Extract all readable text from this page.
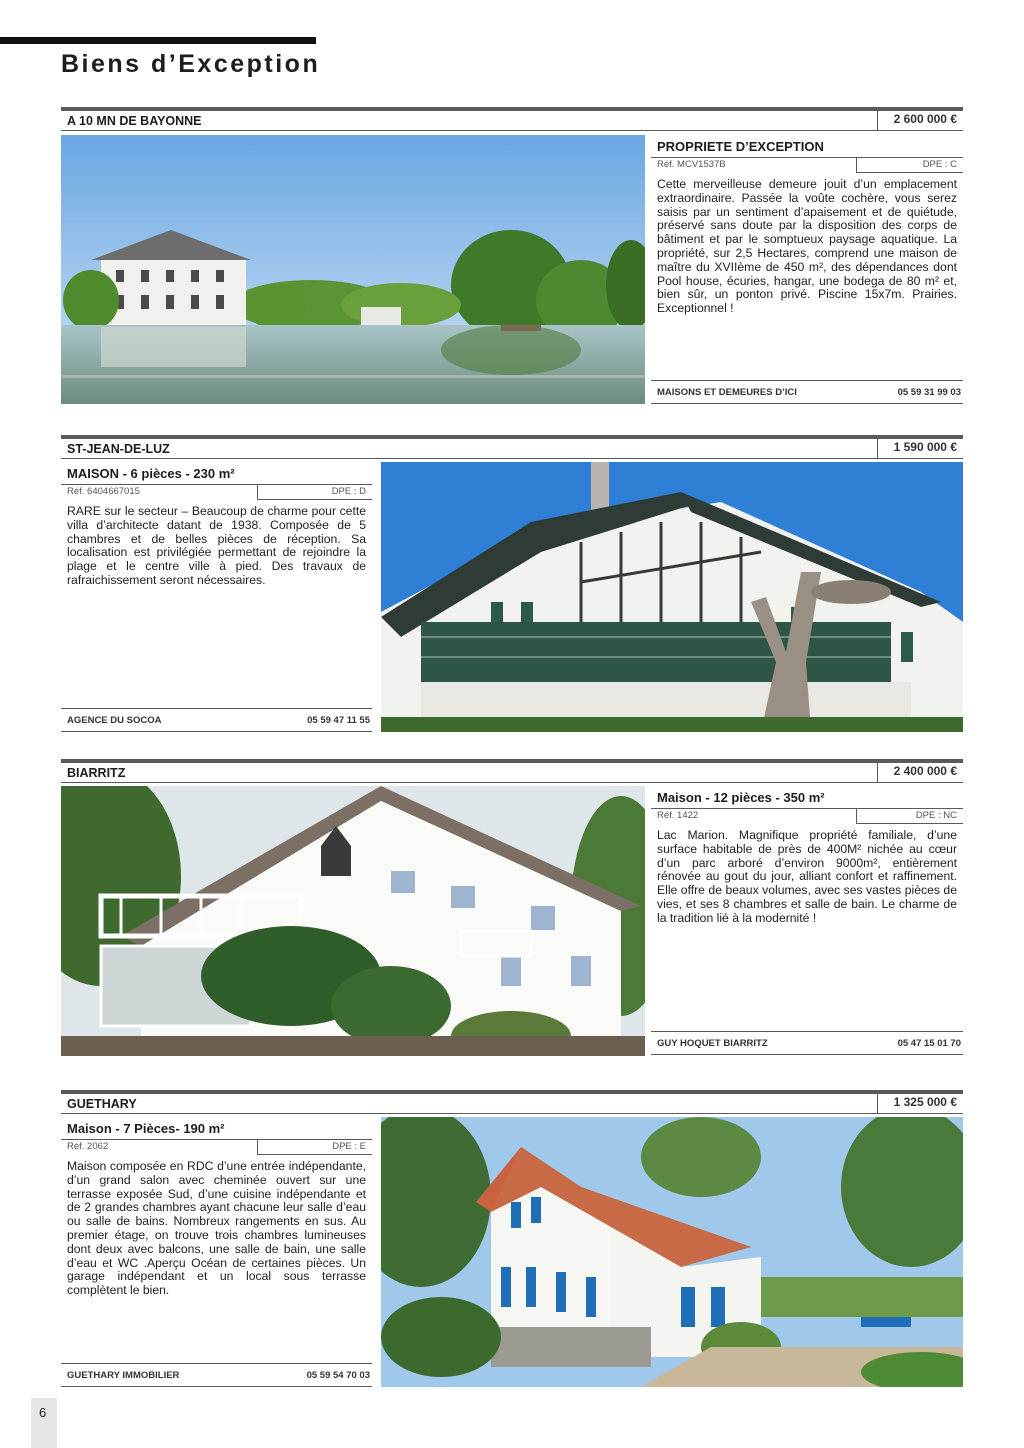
Biens d’Exception
A 10 MN DE BAYONNE	2 600 000 €
PROPRIETE D’EXCEPTION
Réf. MCV1537B	DPE : C
Cette merveilleuse demeure jouit d’un emplacement extraordinaire. Passée la voûte cochère, vous serez saisis par un sentiment d’apaisement et de quiétude, préservé sans doute par la disposition des corps de bâtiment et par le somptueux paysage aquatique. La propriété, sur 2,5 Hectares, comprend une maison de maître du XVIIème de 450 m², des dépendances dont Pool house, écuries, hangar, une bodega de 80 m² et, bien sûr, un ponton privé. Piscine 15x7m. Prairies. Exceptionnel !
MAISONS ET DEMEURES D’ICI	05 59 31 99 03
ST-JEAN-DE-LUZ	1 590 000 €
MAISON - 6 pièces - 230 m²
Réf. 6404667015	DPE : D
RARE sur le secteur – Beaucoup de charme pour cette villa d’architecte datant de 1938. Composée de 5 chambres et de belles pièces de réception. Sa localisation est privilégiée permettant de rejoindre la plage et le centre ville à pied. Des travaux de rafraichissement seront nécessaires.
AGENCE DU SOCOA	05 59 47 11 55
BIARRITZ	2 400 000 €
Maison - 12 pièces - 350 m²
Réf. 1422	DPE : NC
Lac Marion. Magnifique propriété familiale, d’une surface habitable de près de 400M² nichée au cœur d’un parc arboré d’environ 9000m², entièrement rénovée au gout du jour, alliant confort et raffinement. Elle offre de beaux volumes, avec ses vastes pièces de vies, et ses 8 chambres et salle de bain. Le charme de la tradition lié à la modernité !
GUY HOQUET BIARRITZ	05 47 15 01 70
GUETHARY	1 325 000 €
Maison - 7 Pièces- 190 m²
Réf. 2062	DPE : E
Maison composée en RDC d’une entrée indépendante, d’un grand salon avec cheminée ouvert sur une terrasse exposée Sud, d’une cuisine indépendante et de 2 grandes chambres ayant chacune leur salle d’eau ou salle de bains. Nombreux rangements en sus. Au premier étage, on trouve trois chambres lumineuses dont deux avec balcons, une salle de bain, une salle d’eau et WC .Aperçu Océan de certaines pièces. Un garage indépendant et un local sous terrasse complètent le bien.
GUETHARY IMMOBILIER	05 59 54 70 03
6
